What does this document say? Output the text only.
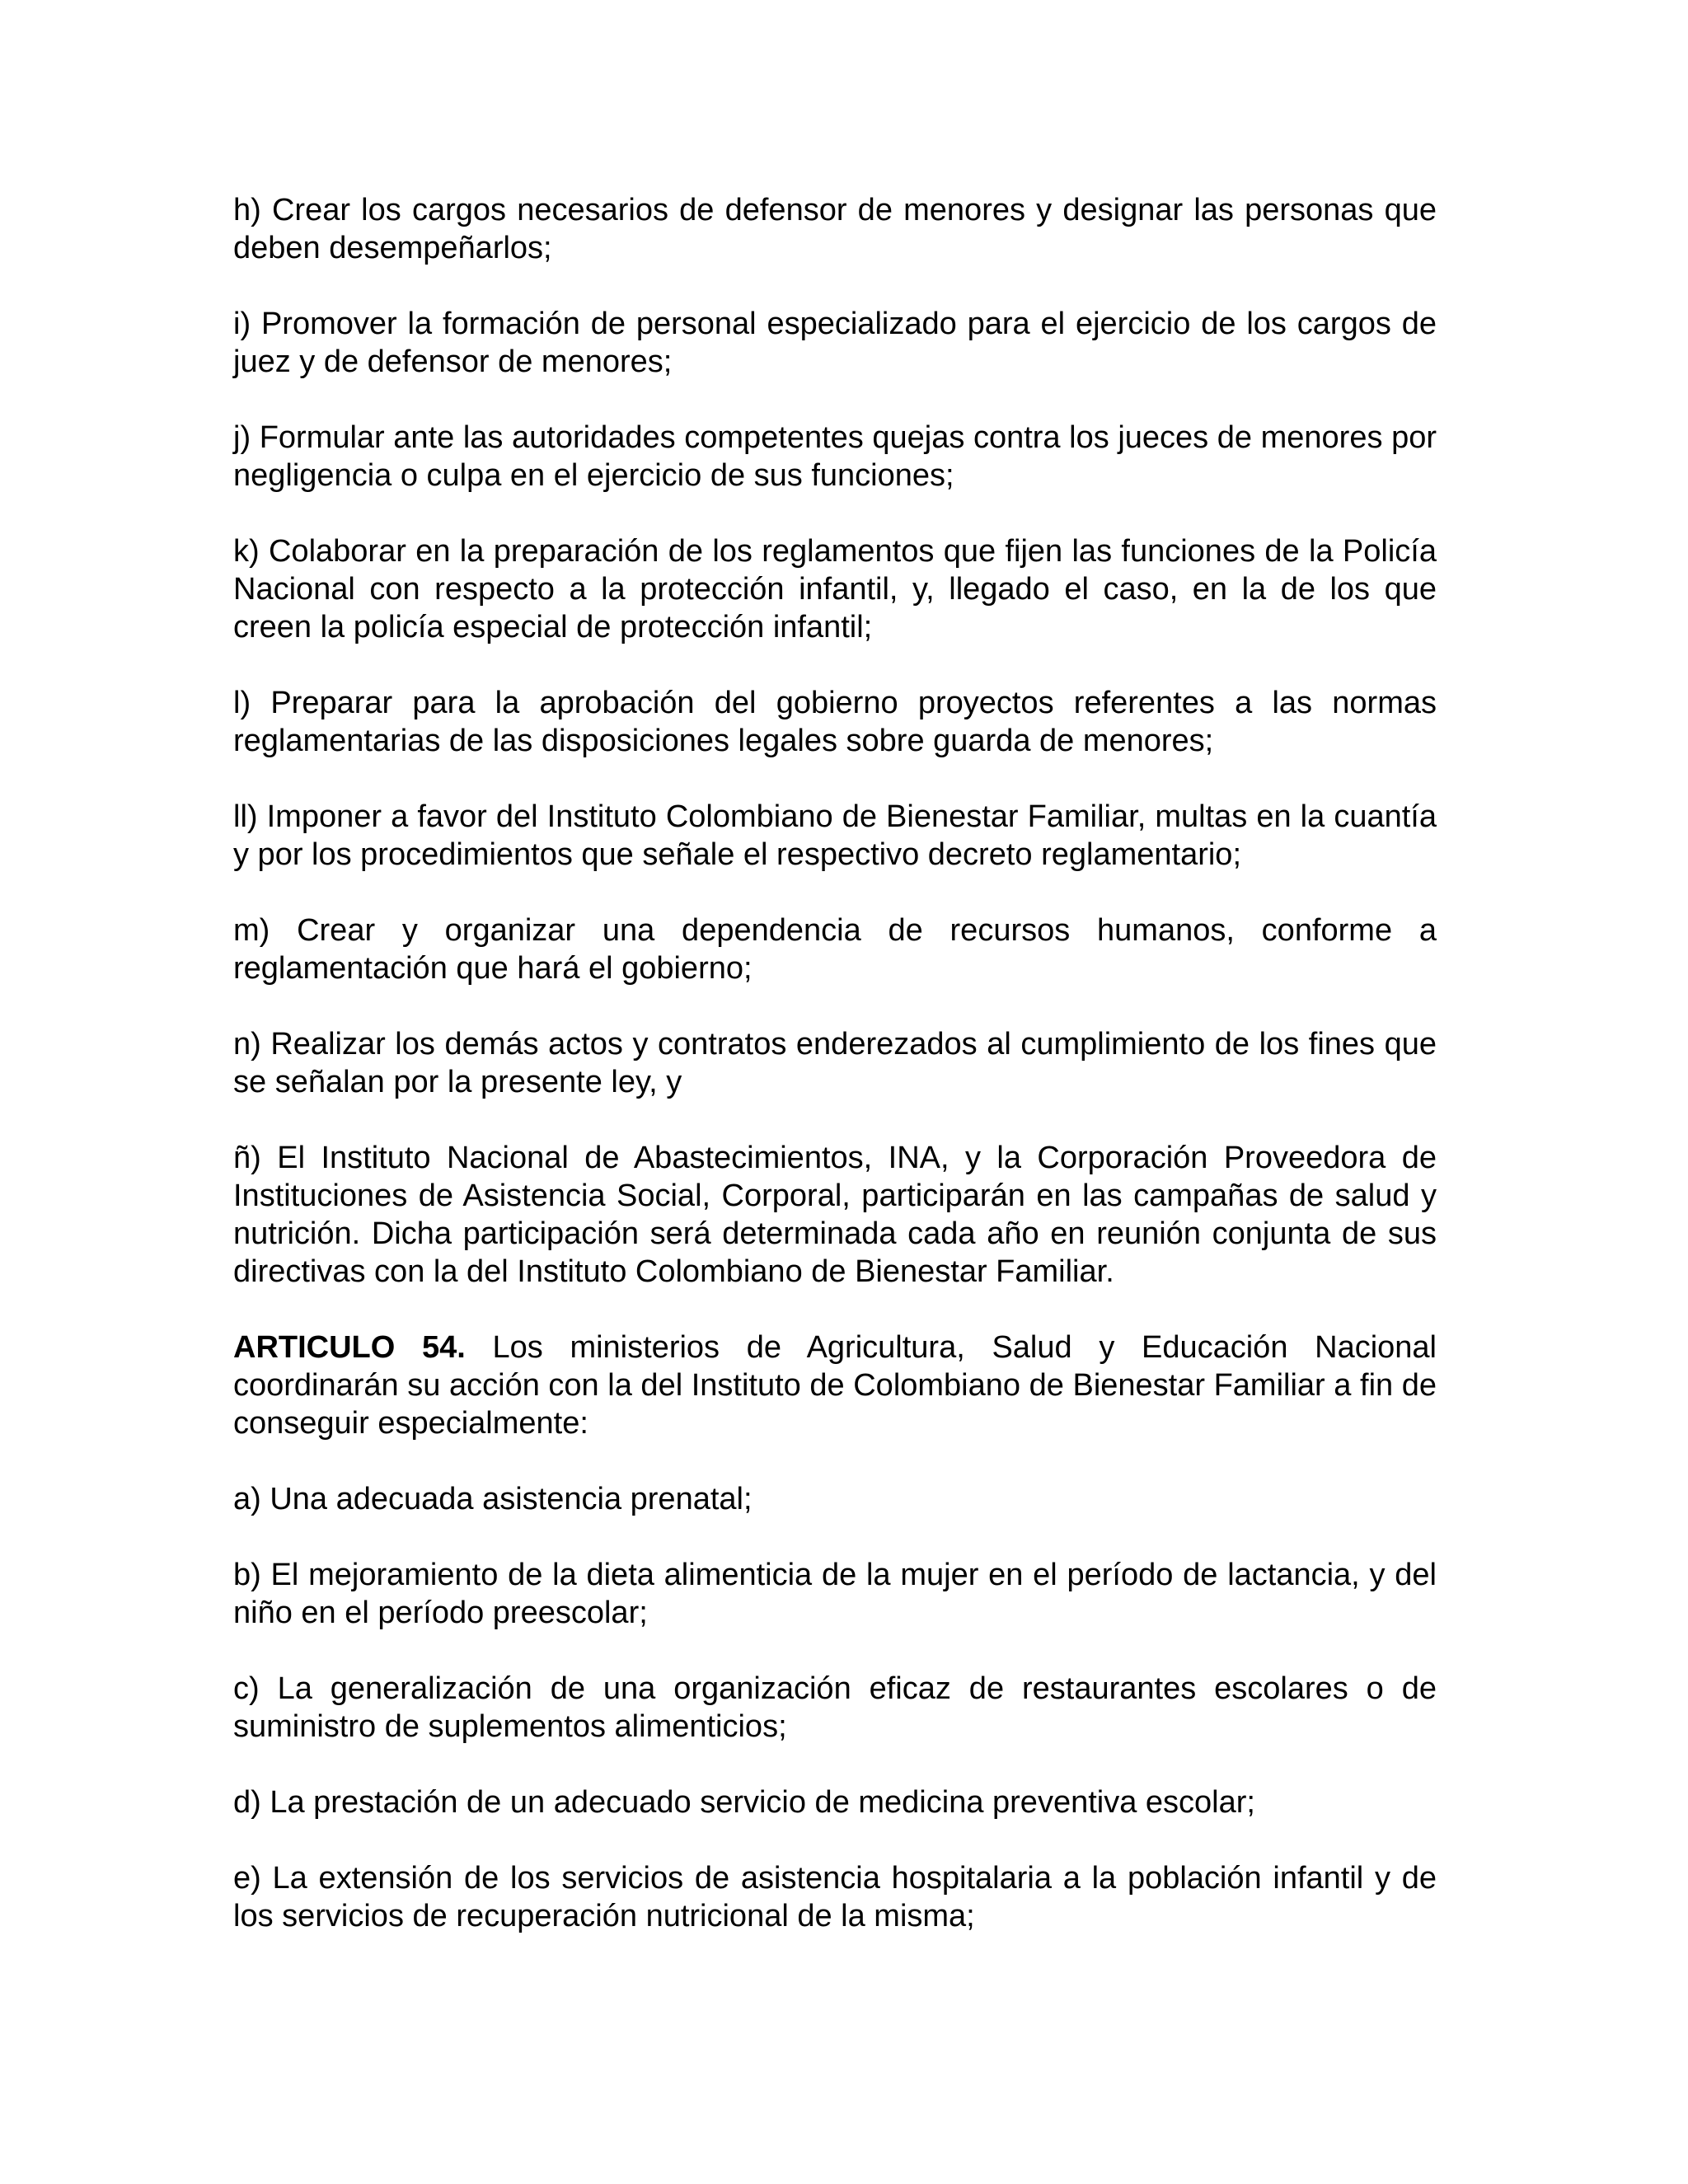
h) Crear los cargos necesarios de defensor de menores y designar las personas que deben desempeñarlos;

i) Promover la formación de personal especializado para el ejercicio de los cargos de juez y de defensor de menores;

j) Formular ante las autoridades competentes quejas contra los jueces de menores por negligencia o culpa en el ejercicio de sus funciones;

k) Colaborar en la preparación de los reglamentos que fijen las funciones de la Policía Nacional con respecto a la protección infantil, y, llegado el caso, en la de los que creen la policía especial de protección infantil;

l) Preparar para la aprobación del gobierno proyectos referentes a las normas reglamentarias de las disposiciones legales sobre guarda de menores;

ll) Imponer a favor del Instituto Colombiano de Bienestar Familiar, multas en la cuantía y por los procedimientos que señale el respectivo decreto reglamentario;

m) Crear y organizar una dependencia de recursos humanos, conforme a reglamentación que hará el gobierno;

n) Realizar los demás actos y contratos enderezados al cumplimiento de los fines que se señalan por la presente ley, y

ñ) El Instituto Nacional de Abastecimientos, INA, y la Corporación Proveedora de Instituciones de Asistencia Social, Corporal, participarán en las campañas de salud y nutrición. Dicha participación será determinada cada año en reunión conjunta de sus directivas con la del Instituto Colombiano de Bienestar Familiar.

ARTICULO 54. Los ministerios de Agricultura, Salud y Educación Nacional coordinarán su acción con la del Instituto de Colombiano de Bienestar Familiar a fin de conseguir especialmente:

a) Una adecuada asistencia prenatal;

b) El mejoramiento de la dieta alimenticia de la mujer en el período de lactancia, y del niño en el período preescolar;

c) La generalización de una organización eficaz de restaurantes escolares o de suministro de suplementos alimenticios;

d) La prestación de un adecuado servicio de medicina preventiva escolar;

e) La extensión de los servicios de asistencia hospitalaria a la población infantil y de los servicios de recuperación nutricional de la misma;
